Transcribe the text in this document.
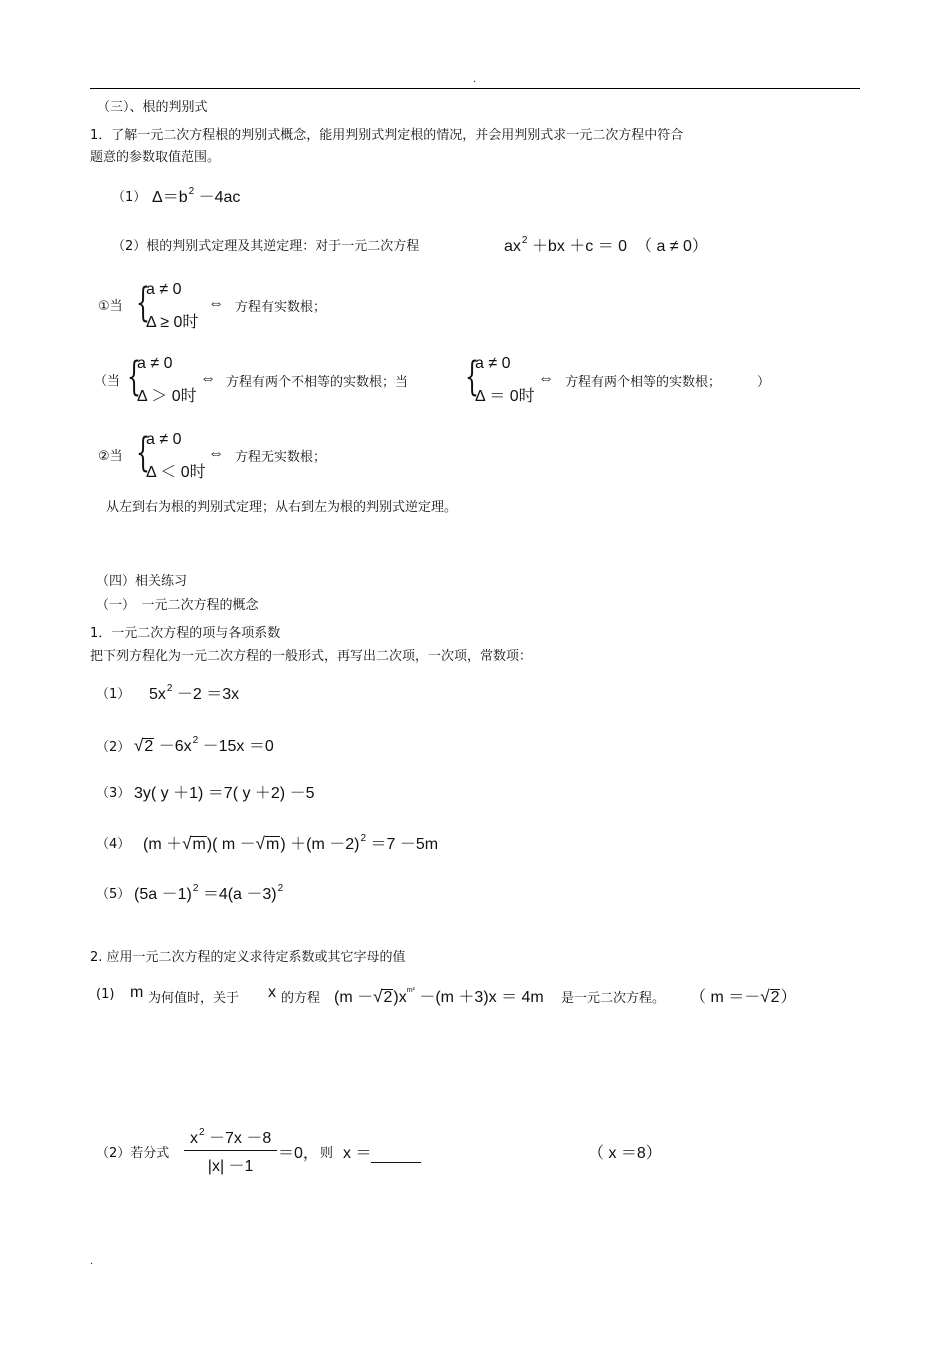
.
（三）、根的判别式
1．了解一元二次方程根的判别式概念，能用判别式判定根的情况，并会用判别式求一元二次方程中符合
题意的参数取值范围。
（1） $\Delta=b^2 -4ac$
（2）根的判别式定理及其逆定理：对于一元二次方程	$ax^2 +bx +c = 0$ （ a ≠ 0）
①当 {
a ≠ 0
Δ ≥ 0时
⇔ 方程有实数根；
（当 {
a ≠ 0
Δ ＞ 0时
⇔ 方程有两个不相等的实数根；当 {
a ≠ 0
Δ ＝ 0时
⇔ 方程有两个相等的实数根；	）
②当 {
a ≠ 0
Δ ＜ 0时
⇔ 方程无实数根；
从左到右为根的判别式定理；从右到左为根的判别式逆定理。
（四）相关练习
（一）　一元二次方程的概念
1．一元二次方程的项与各项系数
把下列方程化为一元二次方程的一般形式，再写出二次项，一次项，常数项：
（1） $5x^2 -2 =3x$
（2） $√2 -6x^2 -15x =0$
（3） 3y( y ＋1) ＝7( y ＋2) －5
（4） (m ＋√m)( $m -√m) +(m -2)^2 =7 -5m$
（5） $(5a -1)^2 =4(a -3)^2$
2. 应用一元二次方程的定义求待定系数或其它字母的值
(1) m 为何值时，关于 x 的方程 $(m -√2)x^{m^2} -(m +3)x = 4m$ 是一元二次方程。 （ m ＝－√2）
（2）若分式 $\frac{x^2 -7x -8}{|x| -1} =0$， 则 x ＝	（ x ＝8）
.
